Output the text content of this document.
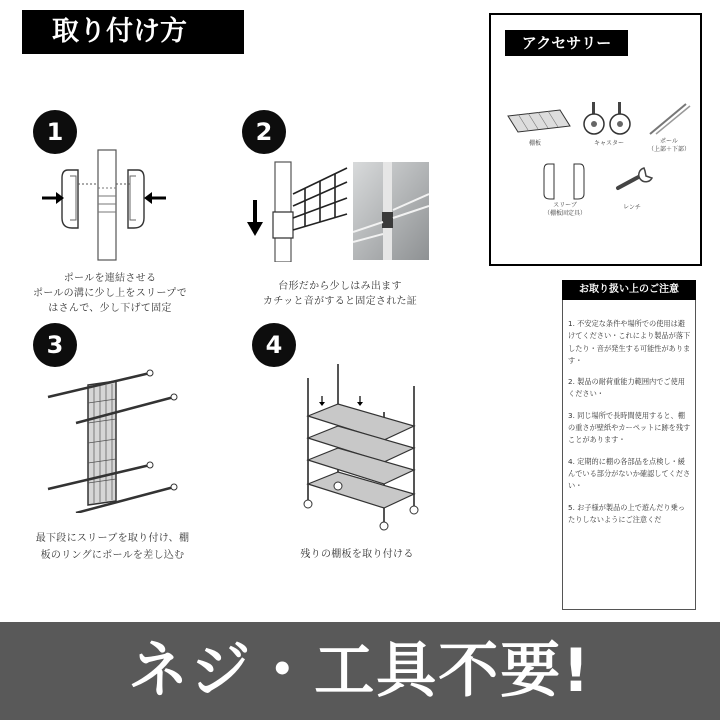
取り付け方
1
ポールを連結させる
ポールの溝に少し上をスリープで
はさんで、少し下げて固定
2
台形だから少しはみ出ます
カチッと音がすると固定された証
3
最下段にスリーブを取り付け、棚
板のリングにポールを差し込む
4
残りの棚板を取り付ける
アクセサリー
棚板	キャスター	ポール
（上部＋下部）
スリーブ
（棚板固定具）
レンチ
お取り扱い上のご注意

1. 不安定な条件や場所での使用は避けてください・これにより製品が落下したり・音が発生する可能性があります・

2. 製品の耐荷重能力範囲内でご使用ください・

3. 同じ場所で長時間使用すると、棚の重さが壁紙やカーペットに跡を残すことがあります・

4. 定期的に棚の各部品を点検し・緩んでいる部分がないか確認してください・

5. お子様が製品の上で遊んだり乗ったりしないようにご注意くだ

ネジ・工具不要!
